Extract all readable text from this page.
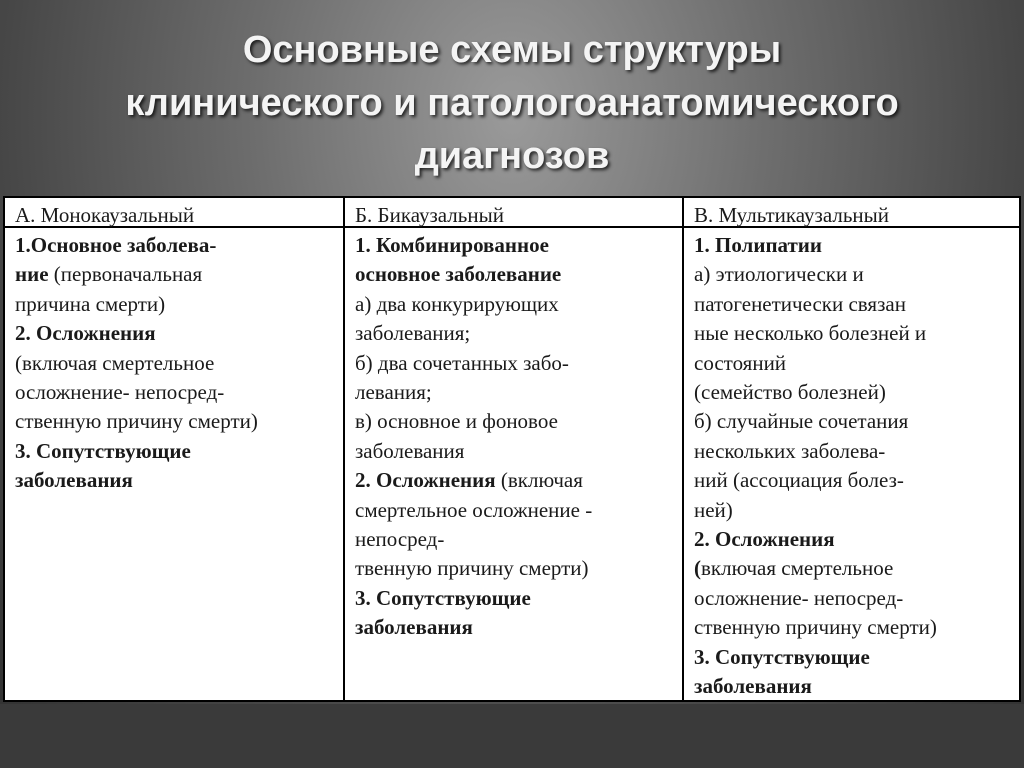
Основные схемы структуры
клинического и патологоанатомического
диагнозов
А. Монокаузальный	Б. Бикаузальный	В. Мультикаузальный
1.Основное заболева-
ние (первоначальная
причина смерти)
2. Осложнения
(включая смертельное
осложнение- непосред-
ственную причину смерти)
3. Сопутствующие
заболевания
1. Комбинированное
основное заболевание
а) два конкурирующих
заболевания;
б) два сочетанных забо-
левания;
в) основное и фоновое
заболевания
2. Осложнения (включая
смертельное осложнение -
непосред-
твенную причину смерти)
3. Сопутствующие
заболевания
1. Полипатии
а) этиологически и
патогенетически связан
ные несколько болезней и
состояний
(семейство болезней)
б) случайные сочетания
нескольких заболева-
ний (ассоциация болез-
ней)
2. Осложнения
(включая смертельное
осложнение- непосред-
ственную причину смерти)
3. Сопутствующие
заболевания
